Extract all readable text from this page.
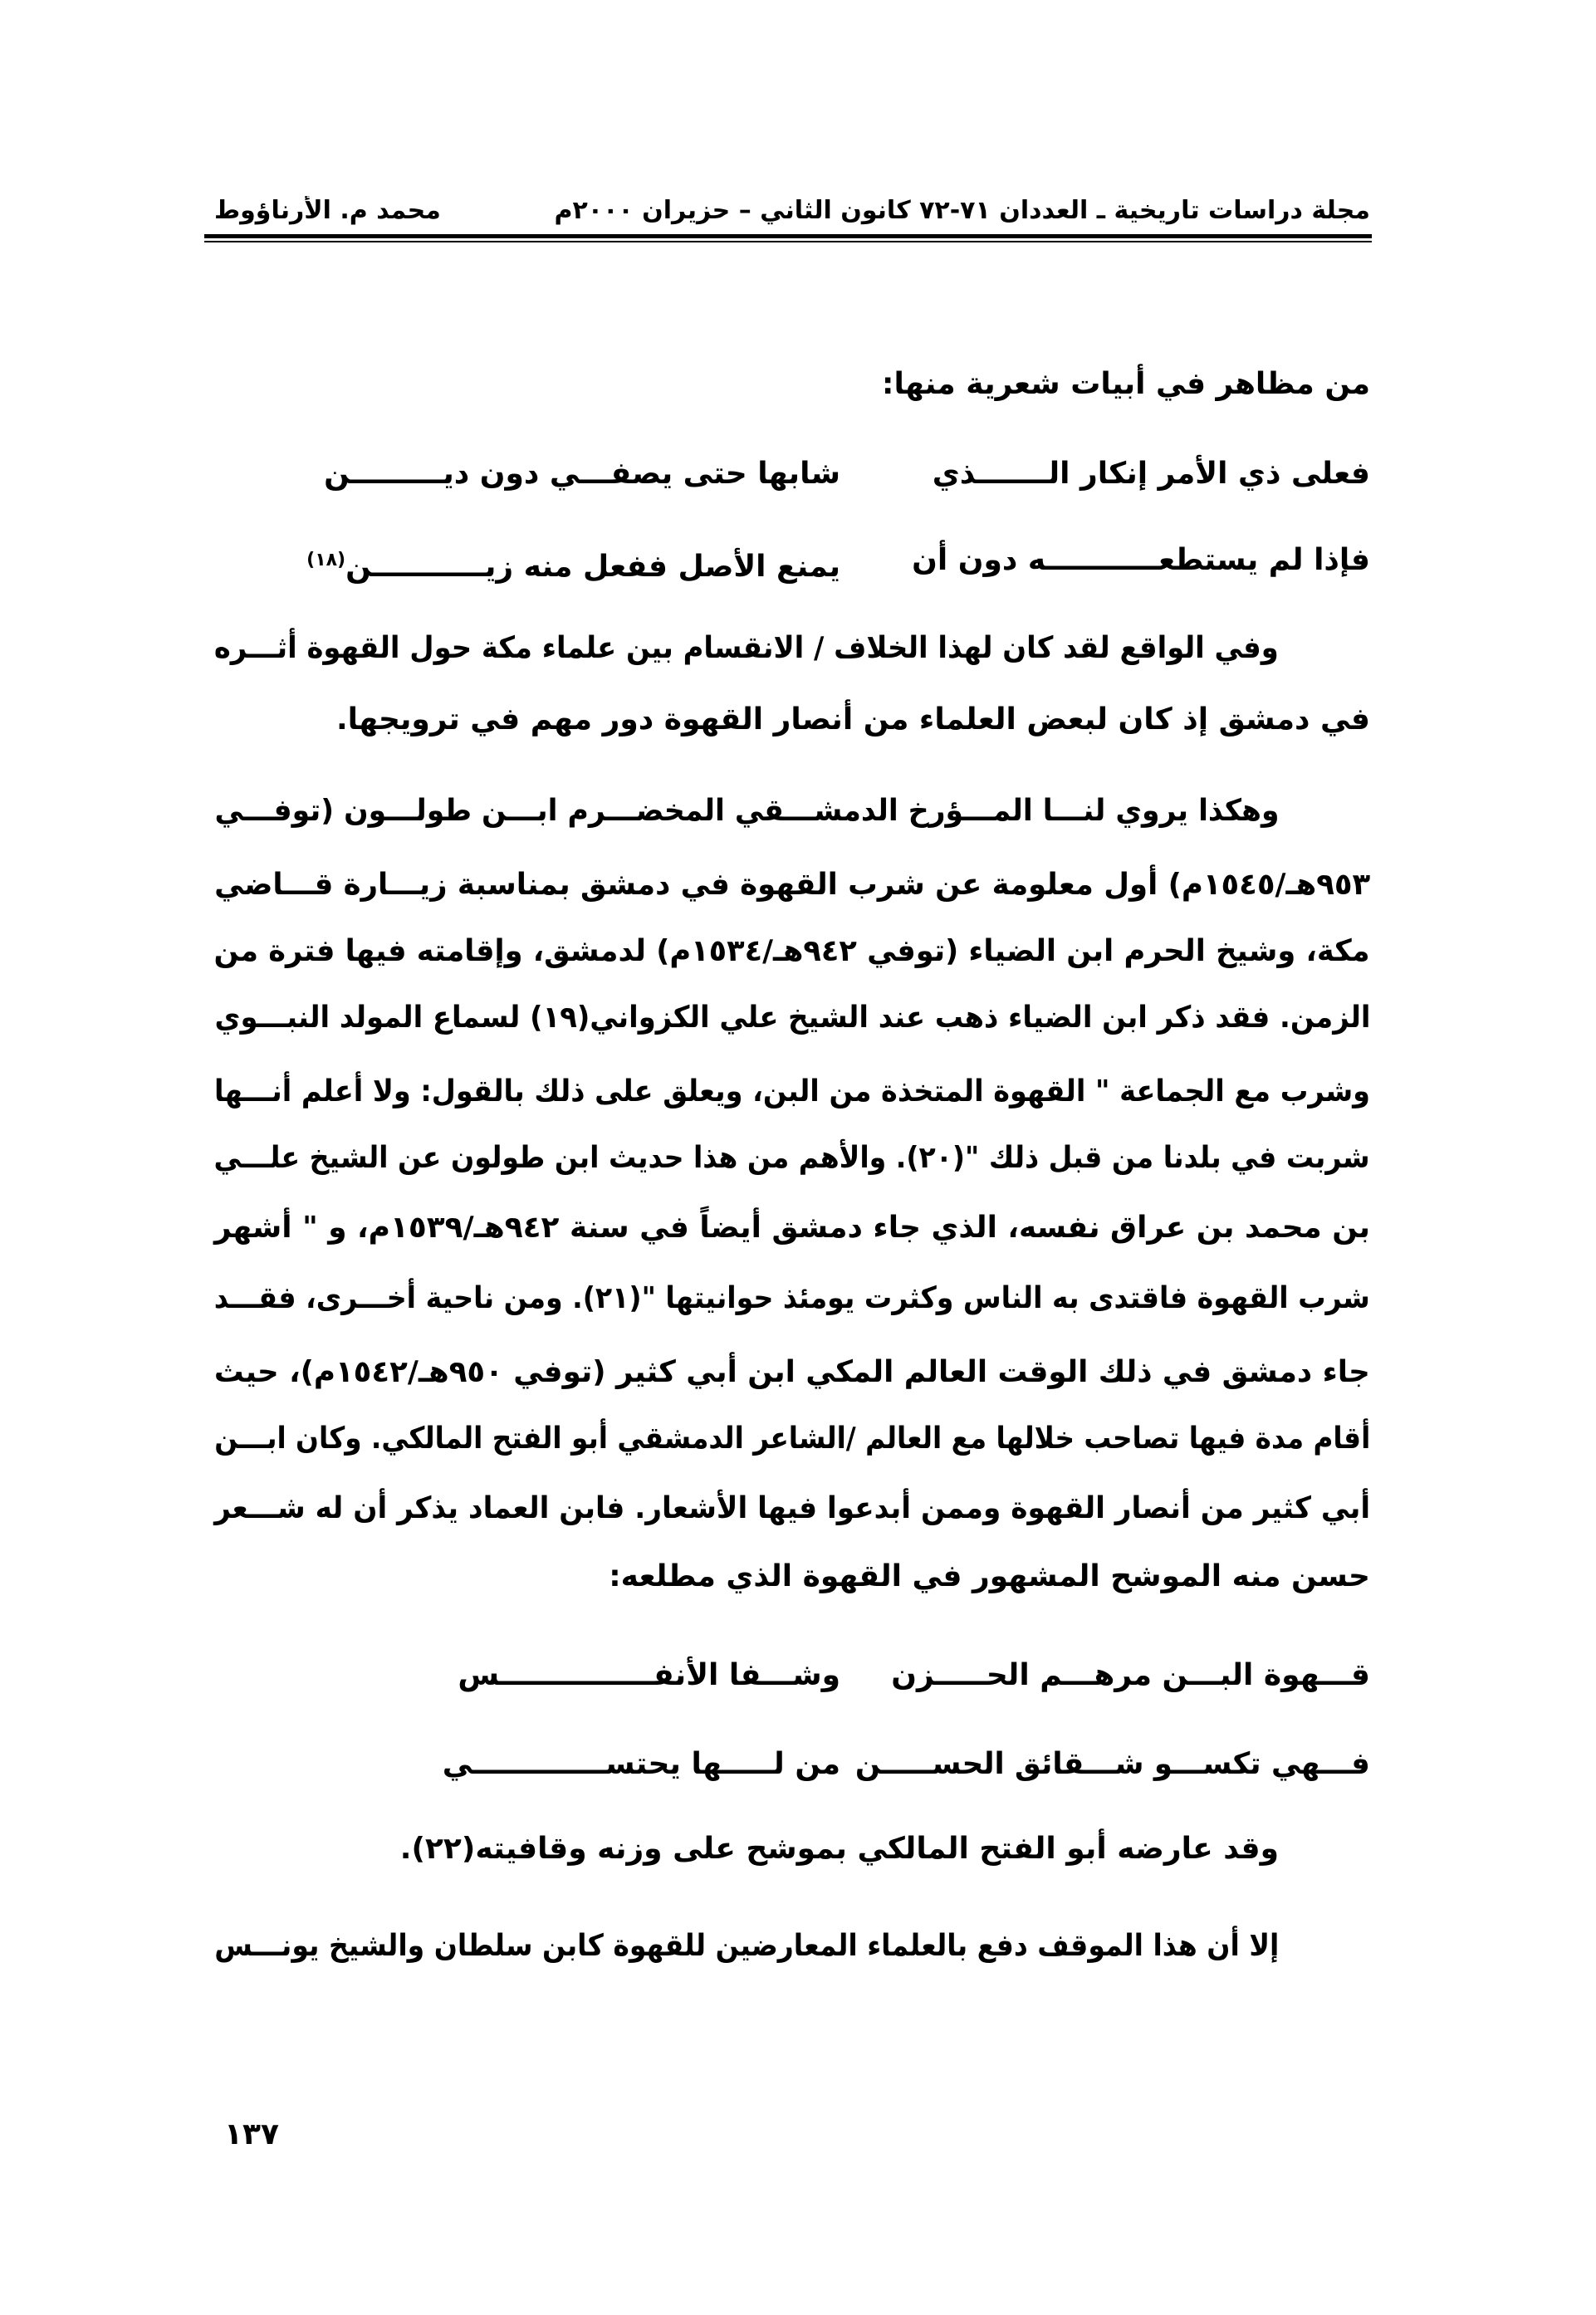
مجلة دراسات تاريخية ـ العددان ٧١-٧٢ كانون الثاني – حزيران ٢٠٠٠م
محمد م. الأرناؤوط
من مظاهر في أبيات شعرية منها:
فعلى ذي الأمر إنكار الـــــــذي
شابها حتى يصفـــي دون ديـــــــــن
فإذا لم يستطعـــــــــــه دون أن
يمنع الأصل ففعل منه زيـــــــــــن$^{(١٨)}$
وفي الواقع لقد كان لهذا الخلاف / الانقسام بين علماء مكة حول القهوة أثـــره
في دمشق إذ كان لبعض العلماء من أنصار القهوة دور مهم في ترويجها.
وهكذا يروي لنـــا المـــؤرخ الدمشـــقي المخضـــرم ابـــن طولـــون (توفـــي
٩٥٣هـ/١٥٤٥م) أول معلومة عن شرب القهوة في دمشق بمناسبة زيـــارة قـــاضي
مكة، وشيخ الحرم ابن الضياء (توفي ٩٤٢هـ/١٥٣٤م) لدمشق، وإقامته فيها فترة من
الزمن. فقد ذكر ابن الضياء ذهب عند الشيخ علي الكزواني(١٩) لسماع المولد النبـــوي
وشرب مع الجماعة " القهوة المتخذة من البن، ويعلق على ذلك بالقول: ولا أعلم أنـــها
شربت في بلدنا من قبل ذلك "(٢٠). والأهم من هذا حديث ابن طولون عن الشيخ علـــي
بن محمد بن عراق نفسه، الذي جاء دمشق أيضاً في سنة ٩٤٢هـ/١٥٣٩م، و " أشهر
شرب القهوة فاقتدى به الناس وكثرت يومئذ حوانيتها "(٢١). ومن ناحية أخـــرى، فقـــد
جاء دمشق في ذلك الوقت العالم المكي ابن أبي كثير (توفي ٩٥٠هـ/١٥٤٢م)، حيث
أقام مدة فيها تصاحب خلالها مع العالم /الشاعر الدمشقي أبو الفتح المالكي. وكان ابـــن
أبي كثير من أنصار القهوة وممن أبدعوا فيها الأشعار. فابن العماد يذكر أن له شـــعر
حسن منه الموشح المشهور في القهوة الذي مطلعه:
قـــهوة البـــن مرهـــم الحـــــزن
وشـــفا الأنفـــــــــــــــس
فـــهي تكســـو شـــقائق الحســـــن
من لـــــها يحتســـــــــــــي
وقد عارضه أبو الفتح المالكي بموشح على وزنه وقافيته(٢٢).
إلا أن هذا الموقف دفع بالعلماء المعارضين للقهوة كابن سلطان والشيخ يونـــس
١٣٧
